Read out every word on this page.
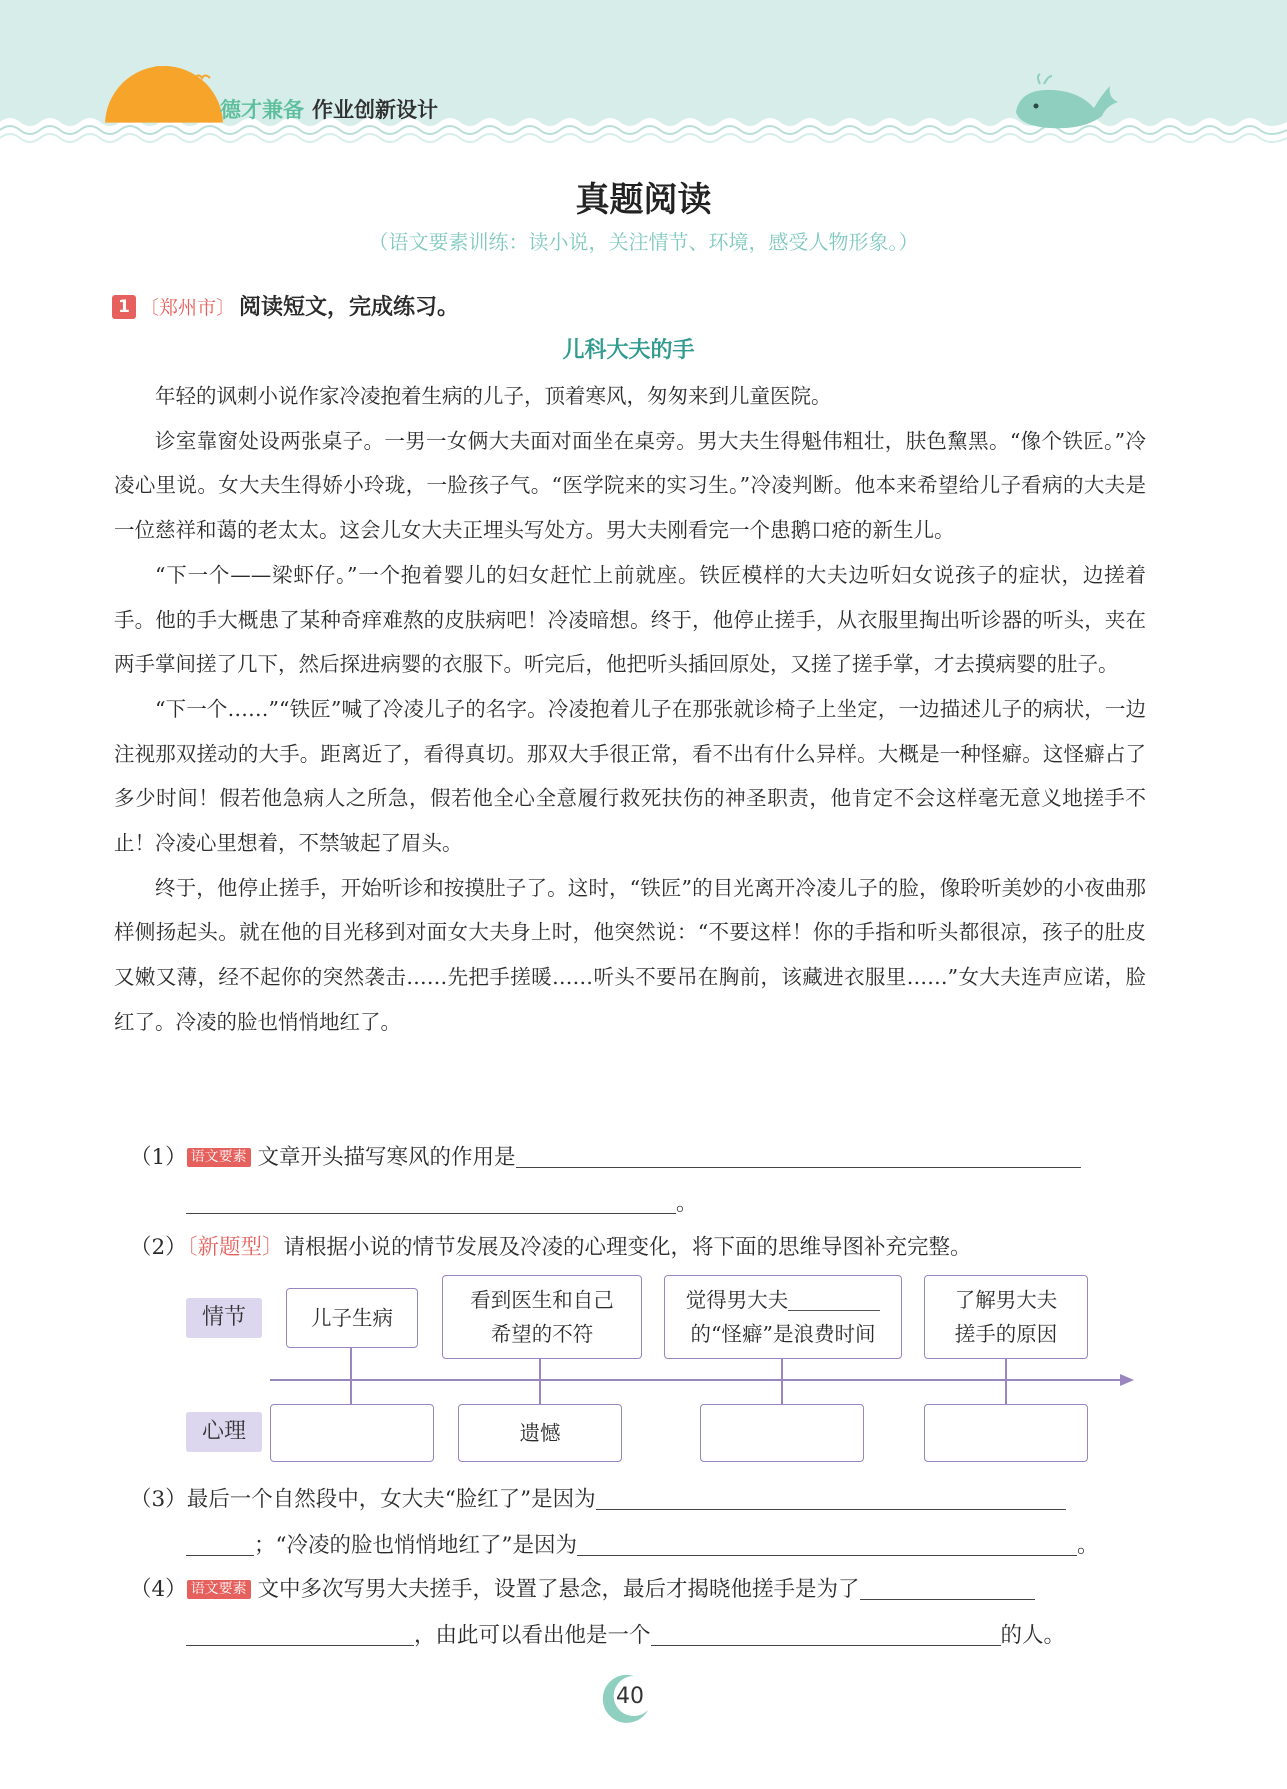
德才兼备 作业创新设计
真题阅读
（语文要素训练：读小说，关注情节、环境，感受人物形象。）
1 〔郑州市〕 阅读短文，完成练习。
儿科大夫的手

年轻的讽刺小说作家冷凌抱着生病的儿子，顶着寒风，匆匆来到儿童医院。

诊室靠窗处设两张桌子。一男一女俩大夫面对面坐在桌旁。男大夫生得魁伟粗壮，肤色黧黑。“像个铁匠。”冷凌心里说。女大夫生得娇小玲珑，一脸孩子气。“医学院来的实习生。”冷凌判断。他本来希望给儿子看病的大夫是一位慈祥和蔼的老太太。这会儿女大夫正埋头写处方。男大夫刚看完一个患鹅口疮的新生儿。

“下一个——梁虾仔。”一个抱着婴儿的妇女赶忙上前就座。铁匠模样的大夫边听妇女说孩子的症状，边搓着手。他的手大概患了某种奇痒难熬的皮肤病吧！冷凌暗想。终于，他停止搓手，从衣服里掏出听诊器的听头，夹在两手掌间搓了几下，然后探进病婴的衣服下。听完后，他把听头插回原处，又搓了搓手掌，才去摸病婴的肚子。

“下一个……”“铁匠”喊了冷凌儿子的名字。冷凌抱着儿子在那张就诊椅子上坐定，一边描述儿子的病状，一边注视那双搓动的大手。距离近了，看得真切。那双大手很正常，看不出有什么异样。大概是一种怪癖。这怪癖占了多少时间！假若他急病人之所急，假若他全心全意履行救死扶伤的神圣职责，他肯定不会这样毫无意义地搓手不止！冷凌心里想着，不禁皱起了眉头。

终于，他停止搓手，开始听诊和按摸肚子了。这时，“铁匠”的目光离开冷凌儿子的脸，像聆听美妙的小夜曲那样侧扬起头。就在他的目光移到对面女大夫身上时，他突然说：“不要这样！你的手指和听头都很凉，孩子的肚皮又嫩又薄，经不起你的突然袭击……先把手搓暖……听头不要吊在胸前，该藏进衣服里……”女大夫连声应诺，脸红了。冷凌的脸也悄悄地红了。

（1） 语文要素 文章开头描写寒风的作用是
。
（2）〔新题型〕请根据小说的情节发展及冷凌的心理变化，将下面的思维导图补充完整。
情节
心理
儿子生病
看到医生和自己
希望的不符
觉得男大夫
的“怪癖”是浪费时间
了解男大夫
搓手的原因
遗憾
（3）最后一个自然段中，女大夫“脸红了”是因为
；“冷凌的脸也悄悄地红了”是因为	。
（4） 语文要素 文中多次写男大夫搓手，设置了悬念，最后才揭晓他搓手是为了
，由此可以看出他是一个	的人。
40
